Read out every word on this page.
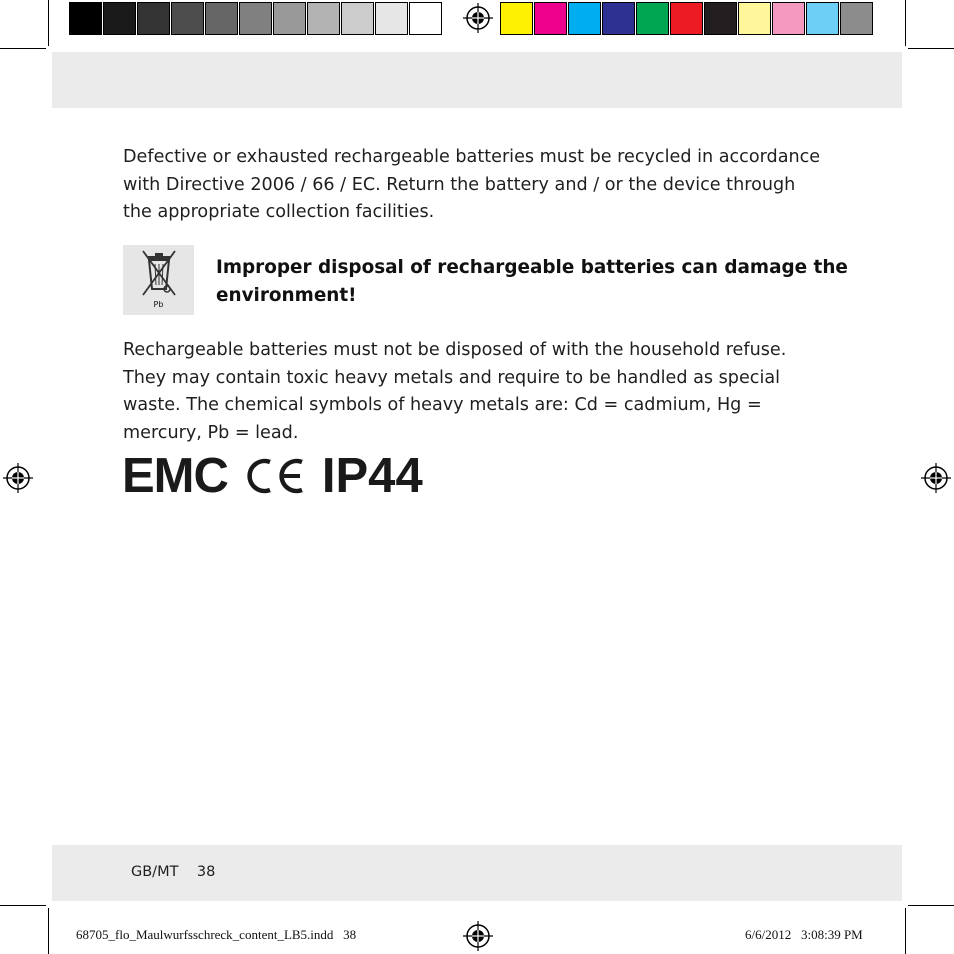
Defective or exhausted rechargeable batteries must be recycled in accordance with Directive 2006 / 66 / EC. Return the battery and / or the device through the appropriate collection facilities.
Pb
Improper disposal of rechargeable batteries can damage the environment!
Rechargeable batteries must not be disposed of with the household refuse. They may contain toxic heavy metals and require to be handled as special waste. The chemical symbols of heavy metals are: Cd = cadmium, Hg = mercury, Pb = lead.
EMC IP44
GB/MT    38
68705_flo_Maulwurfsschreck_content_LB5.indd   38	6/6/2012   3:08:39 PM
